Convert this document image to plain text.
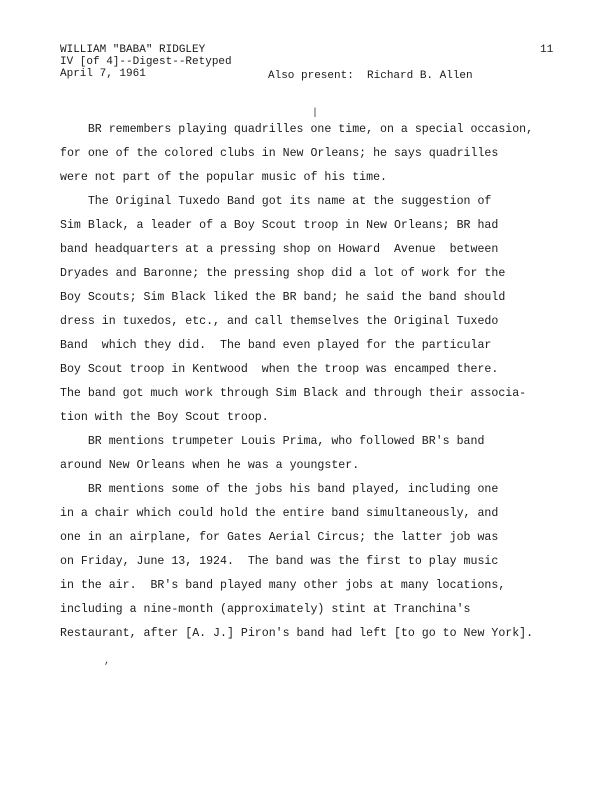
WILLIAM "BABA" RIDGLEY
IV [of 4]--Digest--Retyped
April 7, 1961	Also present:  Richard B. Allen
11
BR remembers playing quadrilles one time, on a special occasion,
for one of the colored clubs in New Orleans; he says quadrilles
were not part of the popular music of his time.
The Original Tuxedo Band got its name at the suggestion of
Sim Black, a leader of a Boy Scout troop in New Orleans; BR had
band headquarters at a pressing shop on Howard  Avenue  between
Dryades and Baronne; the pressing shop did a lot of work for the
Boy Scouts; Sim Black liked the BR band; he said the band should
dress in tuxedos, etc., and call themselves the Original Tuxedo
Band  which they did.  The band even played for the particular
Boy Scout troop in Kentwood  when the troop was encamped there.
The band got much work through Sim Black and through their associa-
tion with the Boy Scout troop.
BR mentions trumpeter Louis Prima, who followed BR's band
around New Orleans when he was a youngster.
BR mentions some of the jobs his band played, including one
in a chair which could hold the entire band simultaneously, and
one in an airplane, for Gates Aerial Circus; the latter job was
on Friday, June 13, 1924.  The band was the first to play music
in the air.  BR's band played many other jobs at many locations,
including a nine-month (approximately) stint at Tranchina's
Restaurant, after [A. J.] Piron's band had left [to go to New York].
|
,
